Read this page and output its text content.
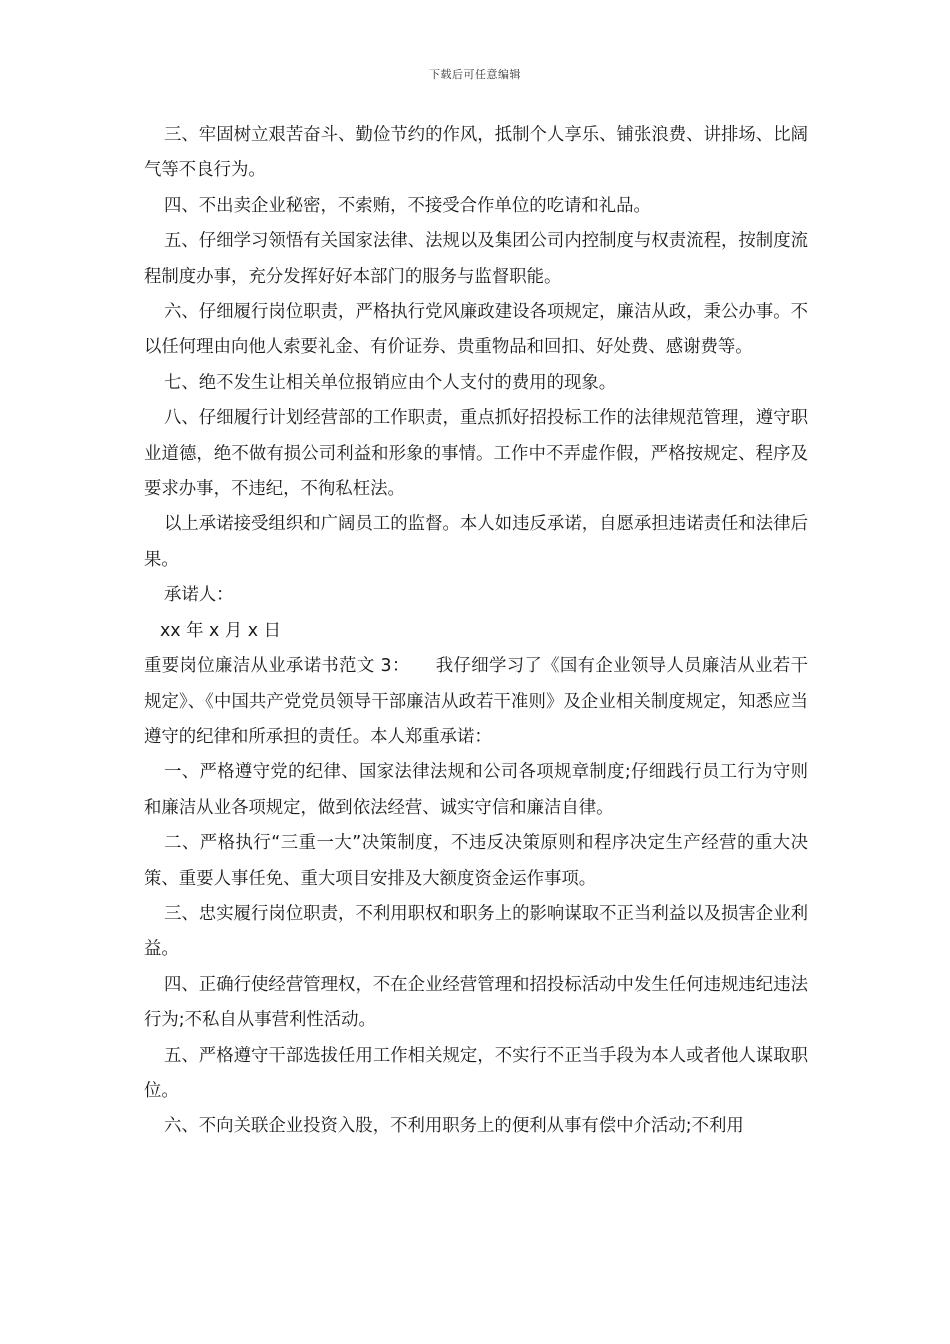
下载后可任意编辑

三、牢固树立艰苦奋斗、勤俭节约的作风，抵制个人享乐、铺张浪费、讲排场、比阔气等不良行为。

四、不出卖企业秘密，不索贿，不接受合作单位的吃请和礼品。

五、仔细学习领悟有关国家法律、法规以及集团公司内控制度与权责流程，按制度流程制度办事，充分发挥好好本部门的服务与监督职能。

六、仔细履行岗位职责，严格执行党风廉政建设各项规定，廉洁从政，秉公办事。不以任何理由向他人索要礼金、有价证券、贵重物品和回扣、好处费、感谢费等。

七、绝不发生让相关单位报销应由个人支付的费用的现象。

八、仔细履行计划经营部的工作职责，重点抓好招投标工作的法律规范管理，遵守职业道德，绝不做有损公司利益和形象的事情。工作中不弄虚作假，严格按规定、程序及要求办事，不违纪，不徇私枉法。

以上承诺接受组织和广阔员工的监督。本人如违反承诺，自愿承担违诺责任和法律后果。

承诺人：

xx 年 x 月 x 日

重要岗位廉洁从业承诺书范文 3： 我仔细学习了《国有企业领导人员廉洁从业若干规定》、《中国共产党党员领导干部廉洁从政若干准则》及企业相关制度规定，知悉应当遵守的纪律和所承担的责任。本人郑重承诺：

一、严格遵守党的纪律、国家法律法规和公司各项规章制度;仔细践行员工行为守则和廉洁从业各项规定，做到依法经营、诚实守信和廉洁自律。

二、严格执行“三重一大”决策制度，不违反决策原则和程序决定生产经营的重大决策、重要人事任免、重大项目安排及大额度资金运作事项。

三、忠实履行岗位职责，不利用职权和职务上的影响谋取不正当利益以及损害企业利益。

四、正确行使经营管理权，不在企业经营管理和招投标活动中发生任何违规违纪违法行为;不私自从事营利性活动。

五、严格遵守干部选拔任用工作相关规定，不实行不正当手段为本人或者他人谋取职位。

六、不向关联企业投资入股，不利用职务上的便利从事有偿中介活动;不利用
